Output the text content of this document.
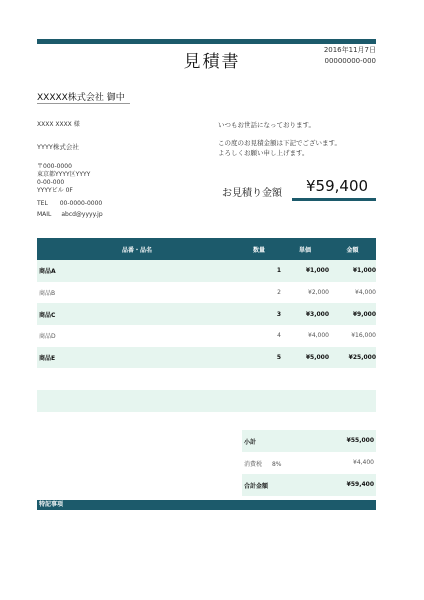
見積書
2016年11月7日
00000000-000
XXXXX株式会社 御中
XXXX XXXX 様
YYYY株式会社
〒000-0000
東京都YYYY区YYYY
0-00-000
YYYYビル 0F
TEL 00-0000-0000
MAIL abcd@yyyy.jp
いつもお世話になっております。
この度のお見積金額は下記でございます。
よろしくお願い申し上げます。
お見積り金額 ¥59,400
品番・品名	数量	単価	金額
商品A	1	¥1,000	¥1,000
商品B	2	¥2,000	¥4,000
商品C	3	¥3,000	¥9,000
商品D	4	¥4,000	¥16,000
商品E	5	¥5,000	¥25,000

小計	¥55,000
消費税 8%	¥4,400
合計金額	¥59,400
特記事項
